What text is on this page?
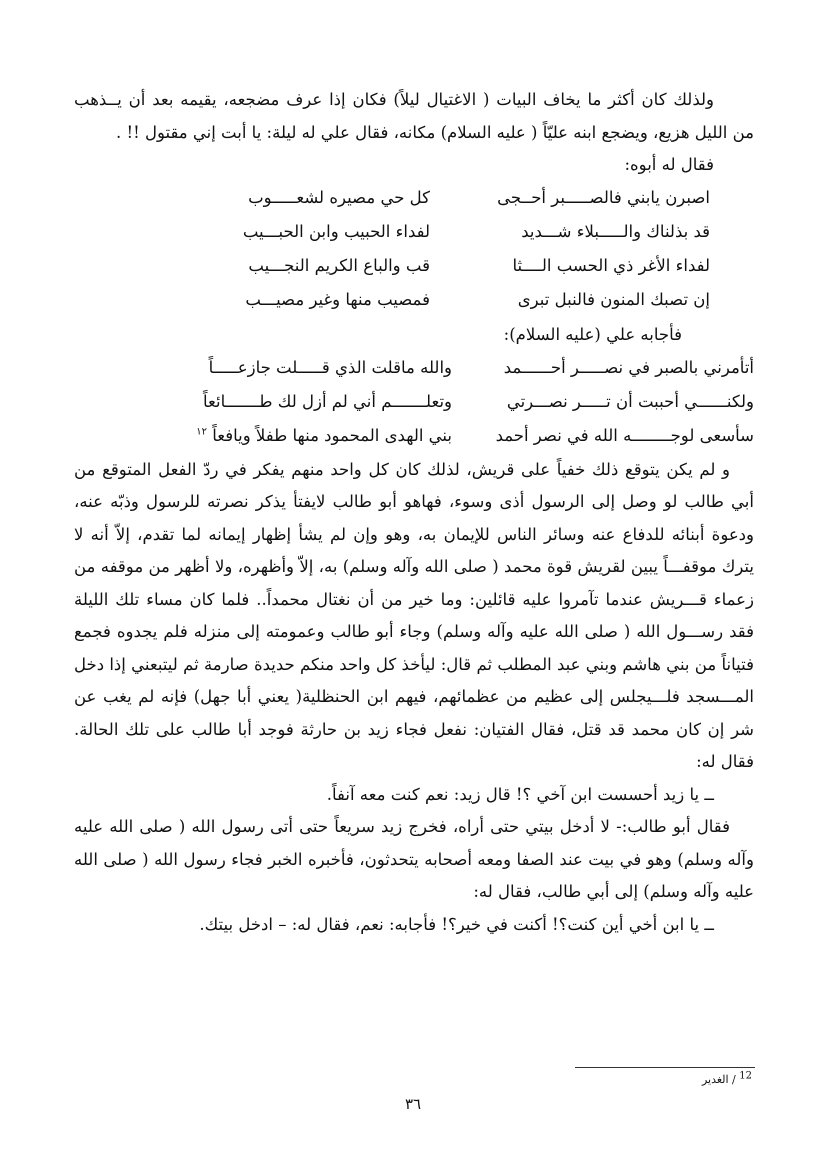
ولذلك كان أكثر ما يخاف البيات ( الاغتيال ليلاً) فكان إذا عرف مضجعه، يقيمه بعد أن يــذهب من الليل هزيع، ويضجع ابنه عليّاً ( عليه السلام) مكانه، فقال علي له ليلة: يا أبت إني مقتول !! .

فقال له أبوه:

اصبرن يابني فالصـــــبر أحــجى
كل حي مصيره لشعـــــوب
قد بذلناك والـــــبلاء شـــديد
لفداء الحبيب وابن الحبـــيب
لفداء الأغر ذي الحسب الــــثا
قب والباع الكريم النجـــيب
إن تصبك المنون فالنبل تبرى
فمصيب منها وغير مصيـــب
فأجابه علي (عليه السلام):
أتأمرني بالصبر في نصـــــر أحــــــمد
والله ماقلت الذي قـــــلت جازعـــــاً
ولكنــــــي أحببت أن تـــــر نصـــرتي
وتعلـــــــم أني لم أزل لك طـــــــائعاً
سأسعى لوجــــــــه الله في نصر أحمد
بني الهدى المحمود منها طفلاً ويافعاً $^{١٢}$

و لم يكن يتوقع ذلك خفياً على قريش، لذلك كان كل واحد منهم يفكر في ردّ الفعل المتوقع من أبي طالب لو وصل إلى الرسول أذى وسوء، فهاهو أبو طالب لايفتأ يذكر نصرته للرسول وذبّه عنه، ودعوة أبنائه للدفاع عنه وسائر الناس للإيمان به، وهو وإن لم يشأ إظهار إيمانه لما تقدم، إلاّ أنه لا يترك موقفـــاً يبين لقريش قوة محمد ( صلى الله وآله وسلم) به، إلاّ وأظهره، ولا أظهر من موقفه من زعماء قـــريش عندما تآمروا عليه قائلين: وما خير من أن نغتال محمداً.. فلما كان مساء تلك الليلة فقد رســـول الله ( صلى الله عليه وآله وسلم) وجاء أبو طالب وعمومته إلى منزله فلم يجدوه فجمع فتياناً من بني هاشم وبني عبد المطلب ثم قال: ليأخذ كل واحد منكم حديدة صارمة ثم ليتبعني إذا دخل المـــسجد فلـــيجلس إلى عظيم من عظمائهم، فيهم ابن الحنظلية( يعني أبا جهل) فإنه لم يغب عن شر إن كان محمد قد قتل، فقال الفتيان: نفعل فجاء زيد بن حارثة فوجد أبا طالب على تلك الحالة. فقال له:

ــ يا زيد أحسست ابن آخي ؟! قال زيد: نعم كنت معه آنفاً.

فقال أبو طالب:- لا أدخل بيتي حتى أراه، فخرج زيد سريعاً حتى أتى رسول الله ( صلى الله عليه وآله وسلم) وهو في بيت عند الصفا ومعه أصحابه يتحدثون، فأخبره الخبر فجاء رسول الله ( صلى الله عليه وآله وسلم) إلى أبي طالب، فقال له:

ــ يا ابن أخي أين كنت؟! أكنت في خير؟! فأجابه: نعم، فقال له: – ادخل بيتك.

$^{12}$ / الغدير
٣٦
